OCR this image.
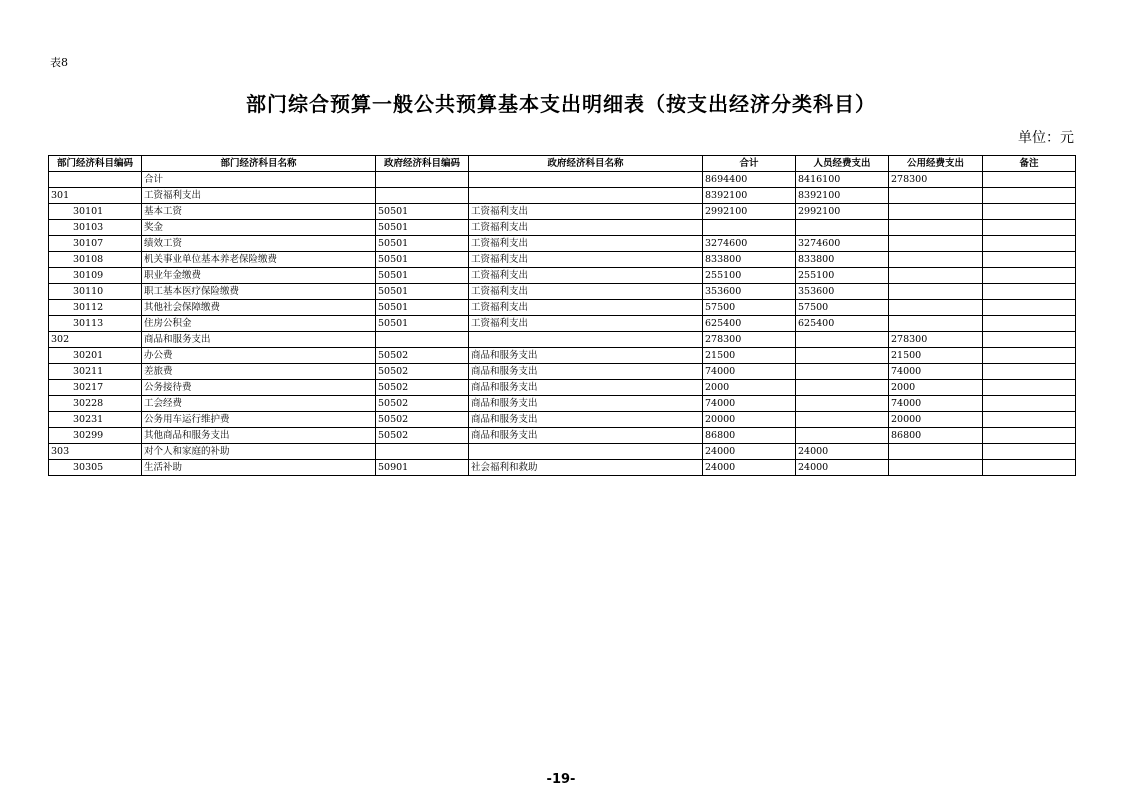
表8
部门综合预算一般公共预算基本支出明细表（按支出经济分类科目）
单位：元
部门经济科目编码	部门经济科目名称	政府经济科目编码	政府经济科目名称	合计	人员经费支出	公用经费支出	备注
	合计			8694400	8416100	278300	
301	工资福利支出			8392100	8392100		
30101	基本工资	50501	工资福利支出	2992100	2992100		
30103	奖金	50501	工资福利支出				
30107	绩效工资	50501	工资福利支出	3274600	3274600		
30108	机关事业单位基本养老保险缴费	50501	工资福利支出	833800	833800		
30109	职业年金缴费	50501	工资福利支出	255100	255100		
30110	职工基本医疗保险缴费	50501	工资福利支出	353600	353600		
30112	其他社会保障缴费	50501	工资福利支出	57500	57500		
30113	住房公积金	50501	工资福利支出	625400	625400		
302	商品和服务支出			278300		278300	
30201	办公费	50502	商品和服务支出	21500		21500	
30211	差旅费	50502	商品和服务支出	74000		74000	
30217	公务接待费	50502	商品和服务支出	2000		2000	
30228	工会经费	50502	商品和服务支出	74000		74000	
30231	公务用车运行维护费	50502	商品和服务支出	20000		20000	
30299	其他商品和服务支出	50502	商品和服务支出	86800		86800	
303	对个人和家庭的补助			24000	24000		
30305	生活补助	50901	社会福利和救助	24000	24000		
-19-
